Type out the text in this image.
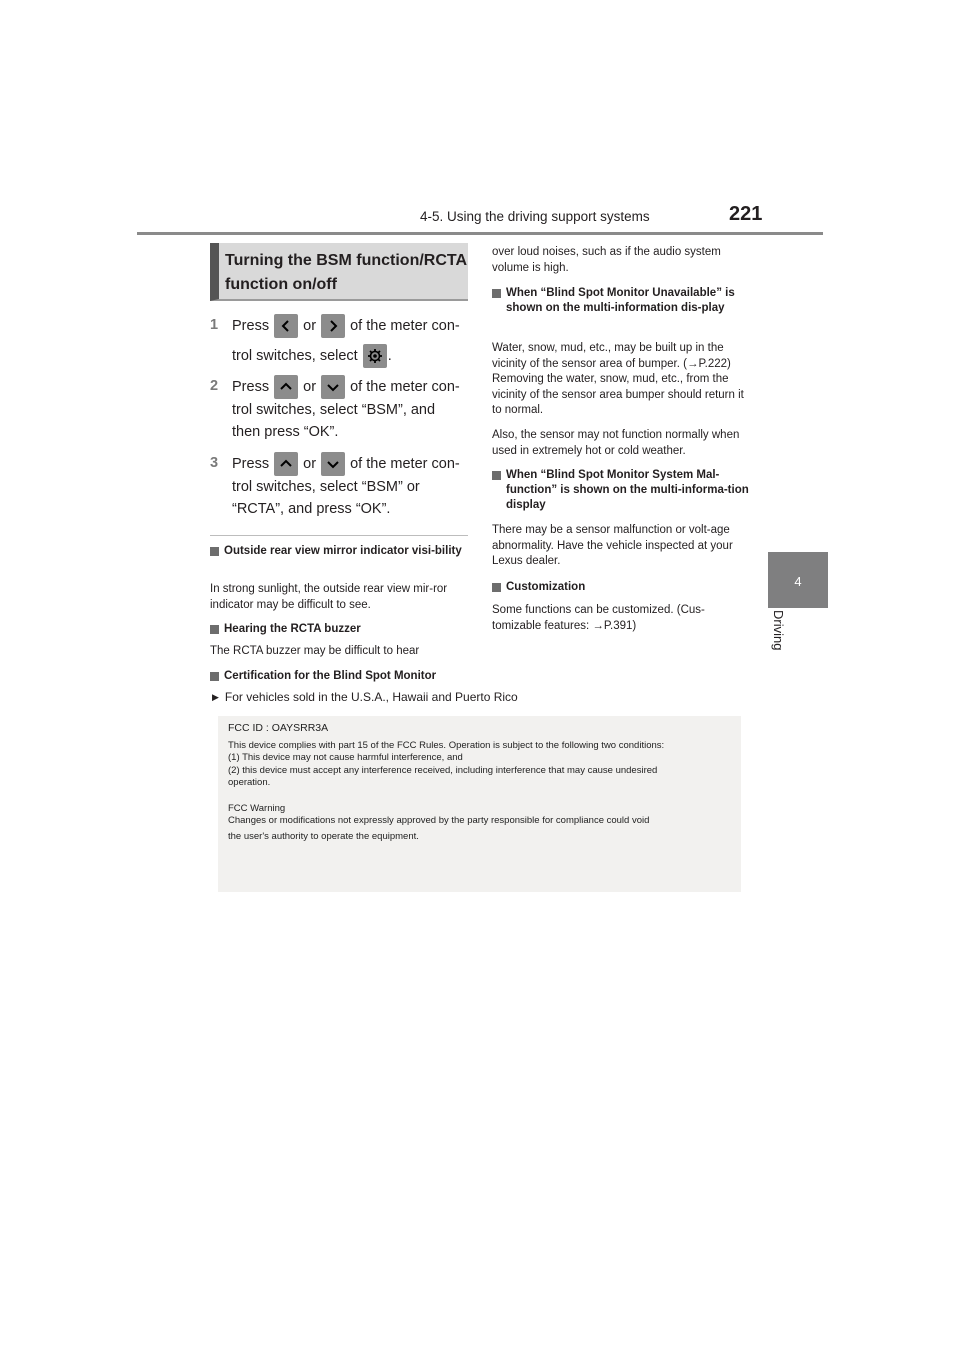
4-5. Using the driving support systems	221
4
Driving
Turning the BSM function/RCTA function on/off
1 Press or of the meter con-
trol switches, select .
2 Press or of the meter con-
trol switches, select “BSM”, and
then press “OK”.
3 Press or of the meter con-
trol switches, select “BSM” or
“RCTA”, and press “OK”.
Outside rear view mirror indicator visi-bility
In strong sunlight, the outside rear view mir-ror indicator may be difficult to see.
Hearing the RCTA buzzer
The RCTA buzzer may be difficult to hear
Certification for the Blind Spot Monitor
over loud noises, such as if the audio system volume is high.
When “Blind Spot Monitor Unavailable” is shown on the multi-information dis-play
Water, snow, mud, etc., may be built up in the vicinity of the sensor area of bumper. (→P.222) Removing the water, snow, mud, etc., from the vicinity of the sensor area bumper should return it to normal.
Also, the sensor may not function normally when used in extremely hot or cold weather.
When “Blind Spot Monitor System Mal-function” is shown on the multi-informa-tion display
There may be a sensor malfunction or volt-age abnormality. Have the vehicle inspected at your Lexus dealer.
Customization
Some functions can be customized. (Cus-tomizable features: →P.391)
▶ For vehicles sold in the U.S.A., Hawaii and Puerto Rico

FCC ID : OAYSRR3A

This device complies with part 15 of the FCC Rules. Operation is subject to the following two conditions:

(1) This device may not cause harmful interference, and

(2) this device must accept any interference received, including interference that may cause undesired

operation.

FCC Warning

Changes or modifications not expressly approved by the party responsible for compliance could void

the user's authority to operate the equipment.
